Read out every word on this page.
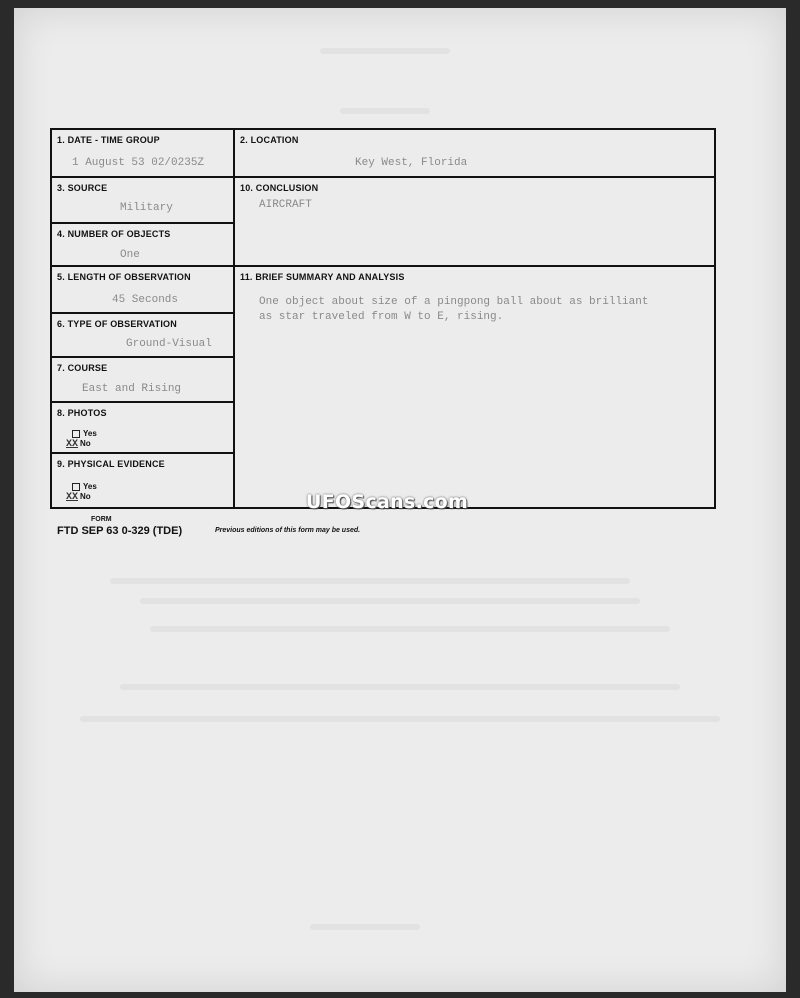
1. DATE - TIME GROUP
1 August 53 02/0235Z
2. LOCATION
Key West, Florida
3. SOURCE
Military
4. NUMBER OF OBJECTS
One
10. CONCLUSION
AIRCRAFT
5. LENGTH OF OBSERVATION
45 Seconds
6. TYPE OF OBSERVATION
Ground-Visual
7. COURSE
East and Rising
8. PHOTOS
Yes
XX No
9. PHYSICAL EVIDENCE
Yes
XX No
11. BRIEF SUMMARY AND ANALYSIS
One object about size of a pingpong ball about as brilliant
as star traveled from W to E, rising.
UFOScans.com
FORM
FTD SEP 63 0-329 (TDE)	Previous editions of this form may be used.
